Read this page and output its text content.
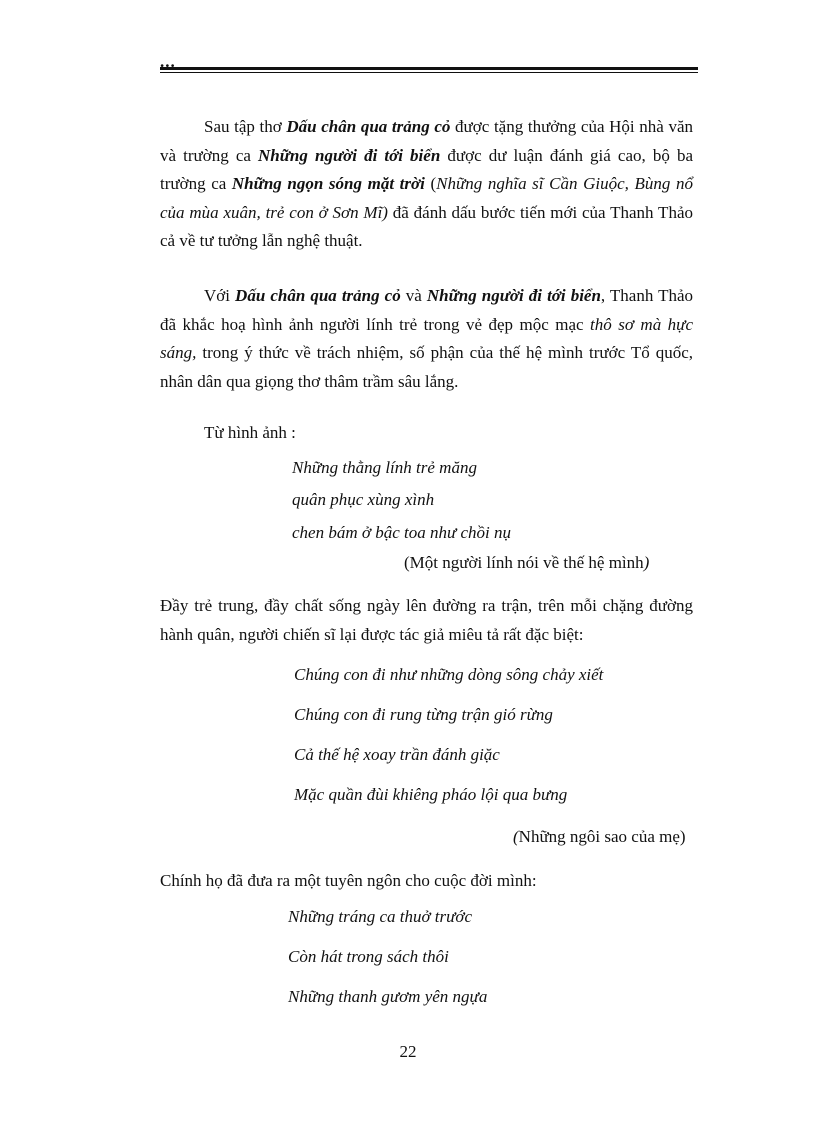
...

Sau tập thơ Dấu chân qua trảng cỏ được tặng thưởng của Hội nhà văn và trường ca Những người đi tới biển được dư luận đánh giá cao, bộ ba trường ca Những ngọn sóng mặt trời (Những nghĩa sĩ Cần Giuộc, Bùng nổ của mùa xuân, trẻ con ở Sơn Mĩ) đã đánh dấu bước tiến mới của Thanh Thảo cả về tư tưởng lẫn nghệ thuật.

Với Dấu chân qua trảng cỏ và Những người đi tới biển, Thanh Thảo đã khắc hoạ hình ảnh người lính trẻ trong vẻ đẹp mộc mạc thô sơ mà hực sáng, trong ý thức về trách nhiệm, số phận của thế hệ mình trước Tổ quốc, nhân dân qua giọng thơ thâm trầm sâu lắng.

Từ hình ảnh :
Những thằng lính trẻ măng
quân phục xùng xình
chen bám ở bậc toa như chồi nụ
(Một người lính nói về thế hệ mình)
Đầy trẻ trung, đầy chất sống ngày lên đường ra trận, trên mỗi chặng đường hành quân, người chiến sĩ lại được tác giả miêu tả rất đặc biệt:
Chúng con đi như những dòng sông chảy xiết
Chúng con đi rung từng trận gió rừng
Cả thế hệ xoay trần đánh giặc
Mặc quần đùi khiêng pháo lội qua bưng
(Những ngôi sao của mẹ)
Chính họ đã đưa ra một tuyên ngôn cho cuộc đời mình:
Những tráng ca thuở trước
Còn hát trong sách thôi
Những thanh gươm yên ngựa
22
